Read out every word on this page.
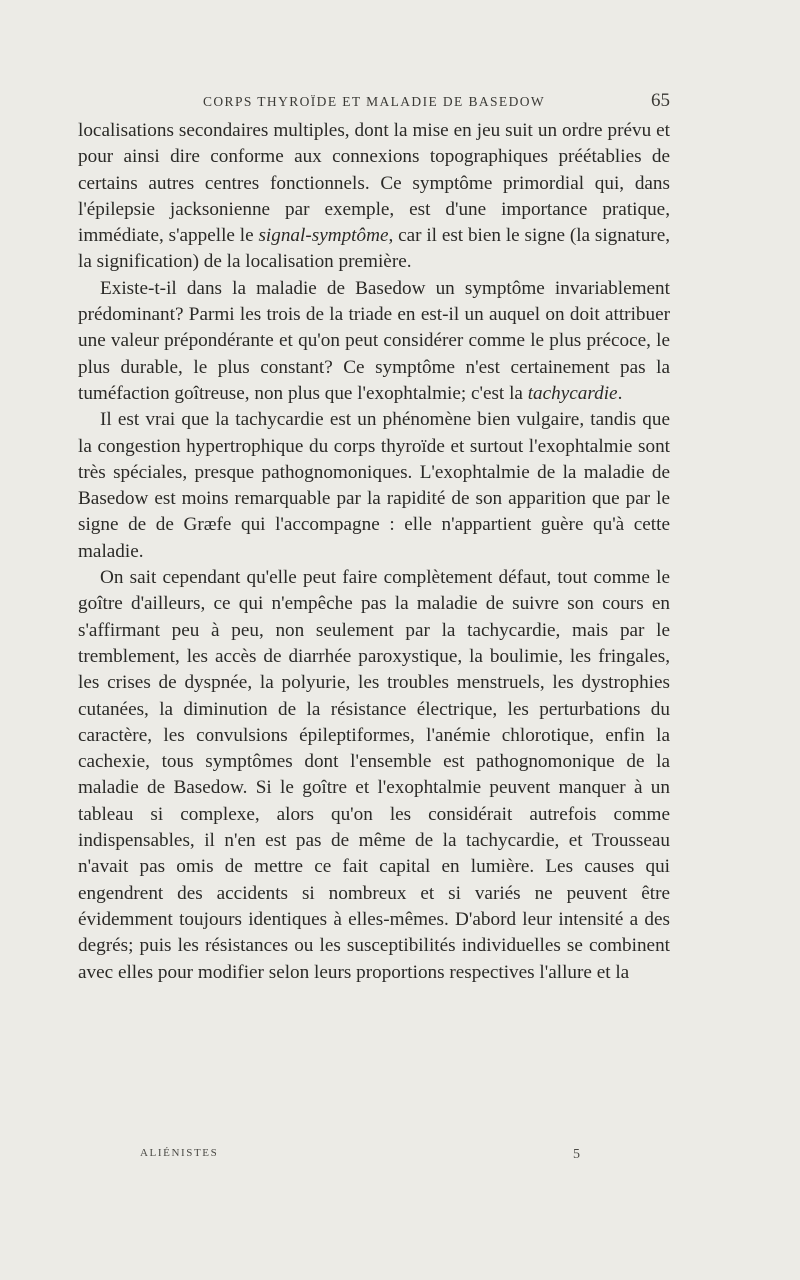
CORPS THYROÏDE ET MALADIE DE BASEDOW	65

localisations secondaires multiples, dont la mise en jeu suit un ordre prévu et pour ainsi dire conforme aux connexions topographiques préétablies de certains autres centres fonctionnels. Ce symptôme primordial qui, dans l'épilepsie jacksonienne par exemple, est d'une importance pratique, immédiate, s'appelle le signal-symptôme, car il est bien le signe (la signature, la signification) de la localisation première.

Existe-t-il dans la maladie de Basedow un symptôme invariablement prédominant? Parmi les trois de la triade en est-il un auquel on doit attribuer une valeur prépondérante et qu'on peut considérer comme le plus précoce, le plus durable, le plus constant? Ce symptôme n'est certainement pas la tuméfaction goîtreuse, non plus que l'exophtalmie; c'est la tachycardie.

Il est vrai que la tachycardie est un phénomène bien vulgaire, tandis que la congestion hypertrophique du corps thyroïde et surtout l'exophtalmie sont très spéciales, presque pathognomoniques. L'exophtalmie de la maladie de Basedow est moins remarquable par la rapidité de son apparition que par le signe de de Græfe qui l'accompagne : elle n'appartient guère qu'à cette maladie.

On sait cependant qu'elle peut faire complètement défaut, tout comme le goître d'ailleurs, ce qui n'empêche pas la maladie de suivre son cours en s'affirmant peu à peu, non seulement par la tachycardie, mais par le tremblement, les accès de diarrhée paroxystique, la boulimie, les fringales, les crises de dyspnée, la polyurie, les troubles menstruels, les dystrophies cutanées, la diminution de la résistance électrique, les perturbations du caractère, les convulsions épileptiformes, l'anémie chlorotique, enfin la cachexie, tous symptômes dont l'ensemble est pathognomonique de la maladie de Basedow. Si le goître et l'exophtalmie peuvent manquer à un tableau si complexe, alors qu'on les considérait autrefois comme indispensables, il n'en est pas de même de la tachycardie, et Trousseau n'avait pas omis de mettre ce fait capital en lumière. Les causes qui engendrent des accidents si nombreux et si variés ne peuvent être évidemment toujours identiques à elles-mêmes. D'abord leur intensité a des degrés; puis les résistances ou les susceptibilités individuelles se combinent avec elles pour modifier selon leurs proportions respectives l'allure et la

ALIÉNISTES	5
